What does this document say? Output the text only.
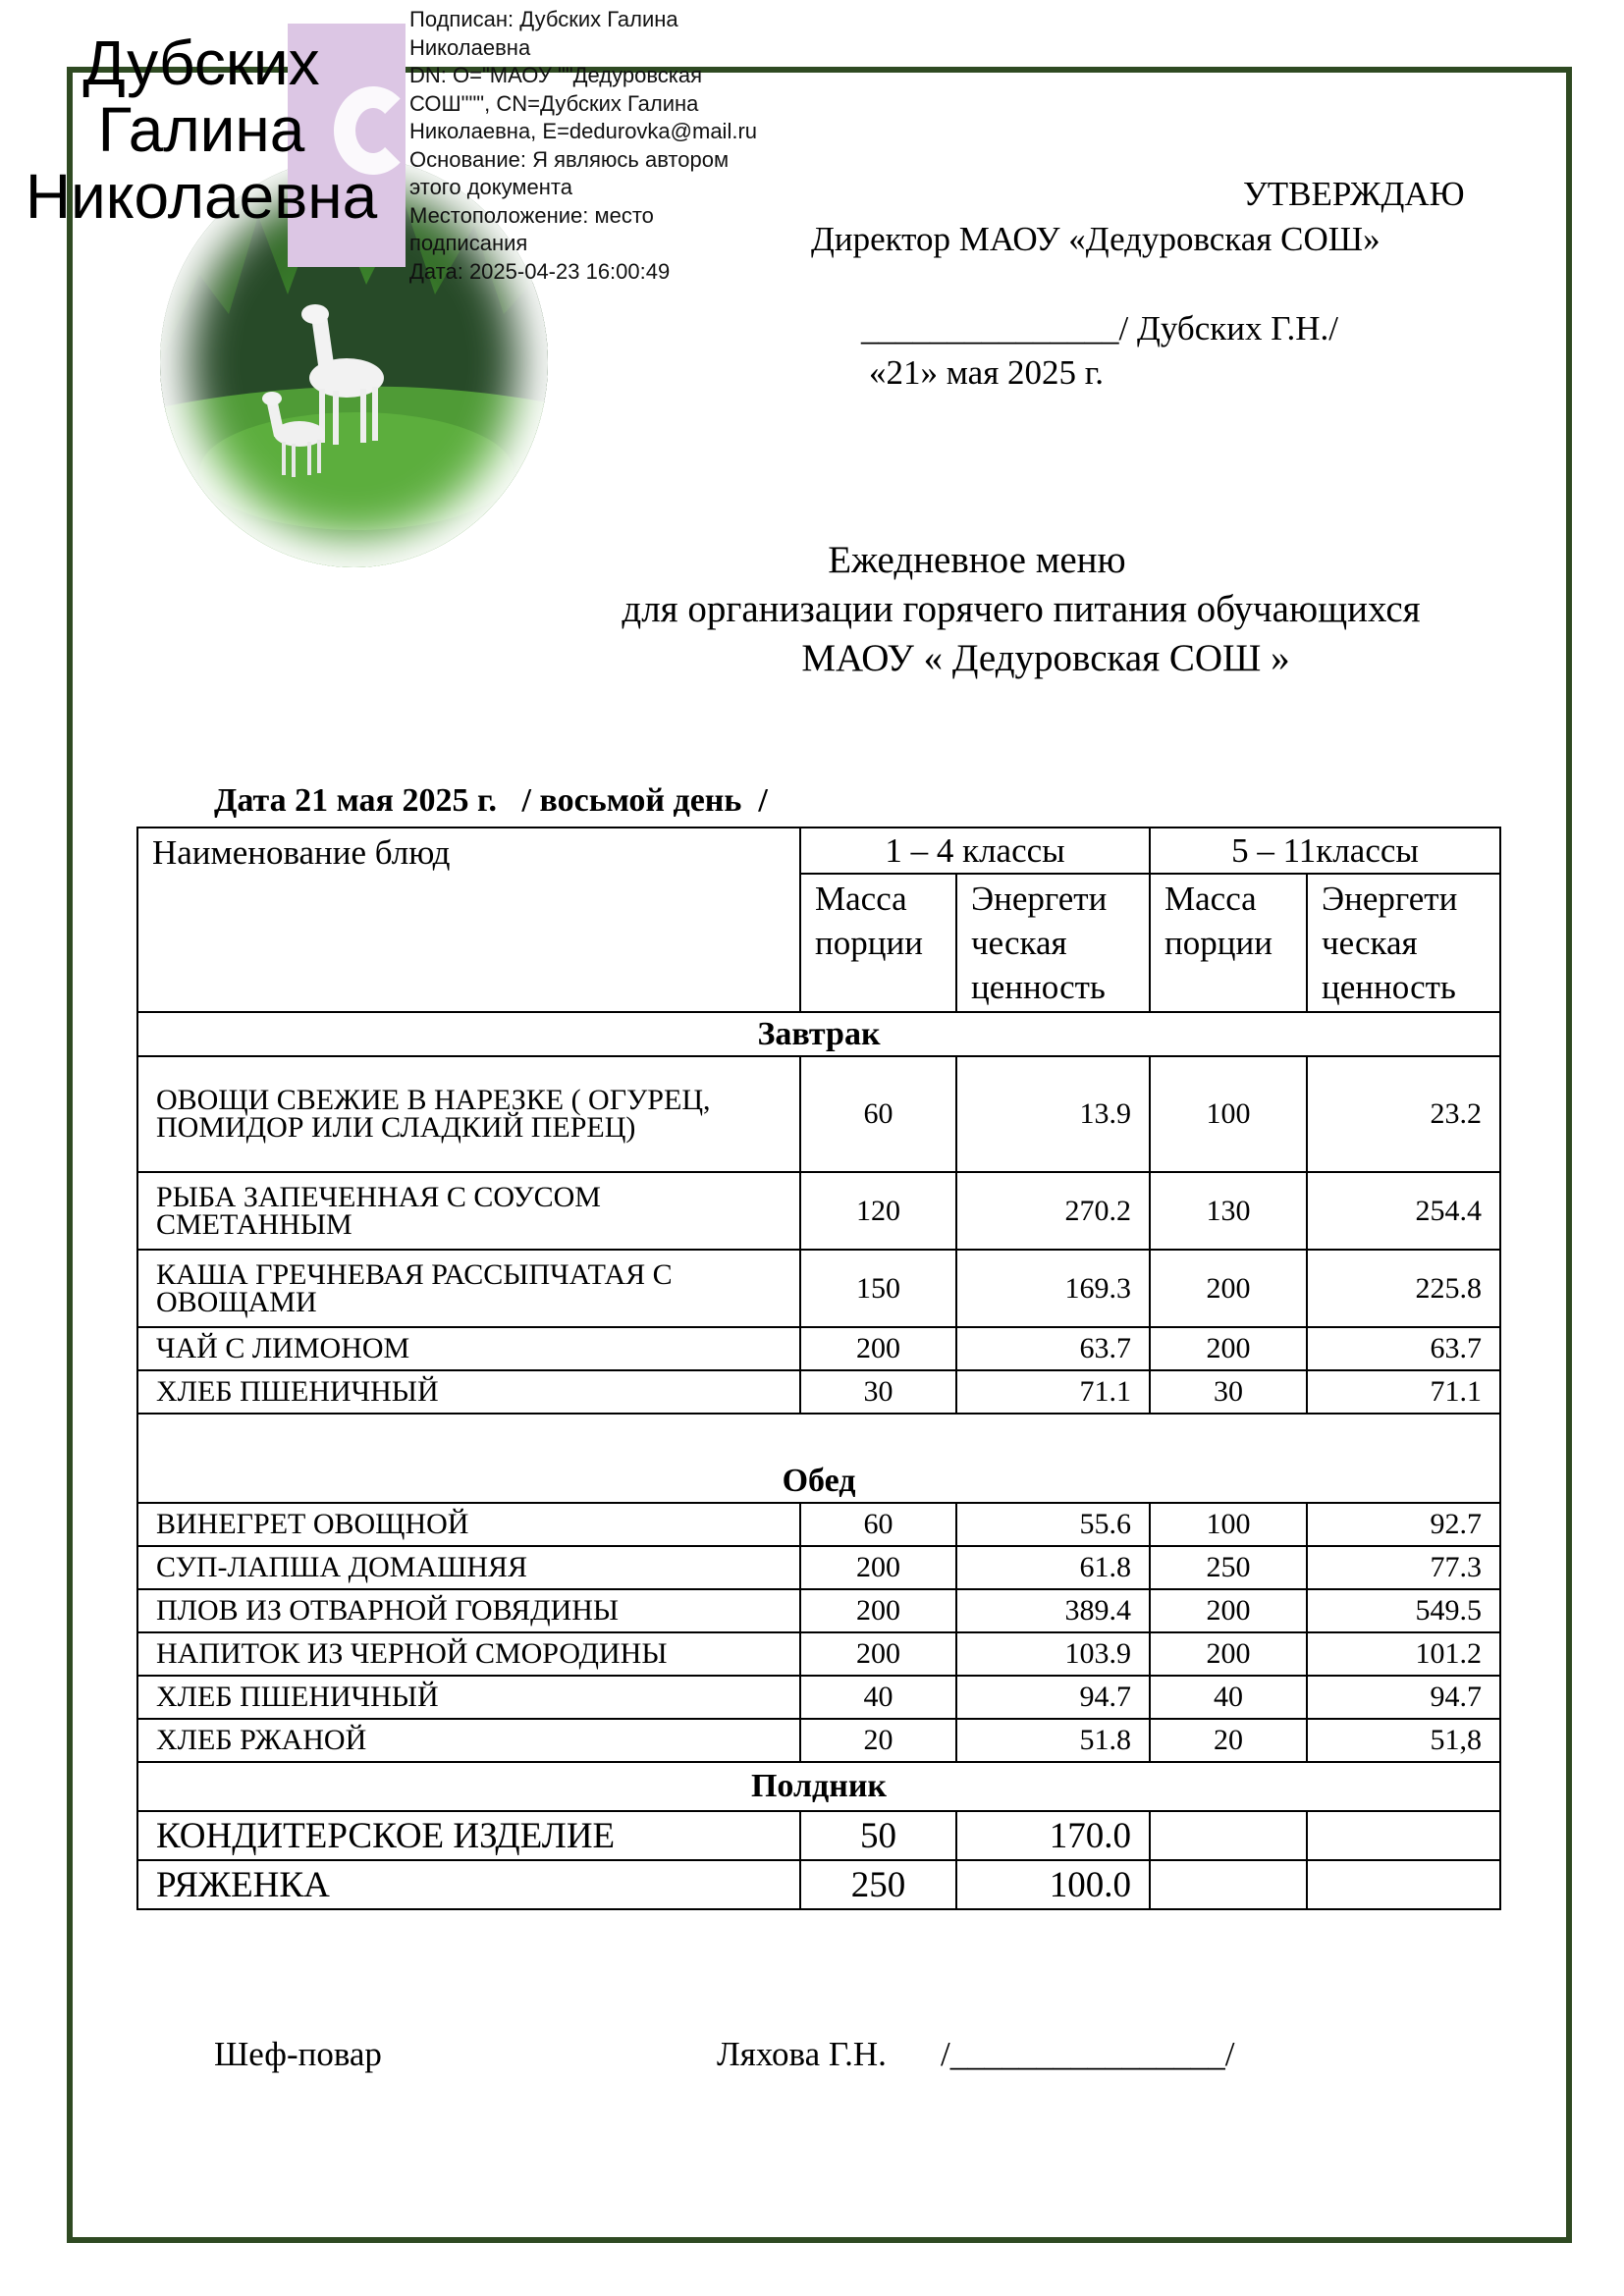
Дубских
Галина
Николаевна
Подписан: Дубских Галина
Николаевна
DN: O="МАОУ ""Дедуровская
СОШ""", CN=Дубских Галина
Николаевна, E=dedurovka@mail.ru
Основание: Я являюсь автором
этого документа
Местоположение: место
подписания
Дата: 2025-04-23 16:00:49
УТВЕРЖДАЮ
Директор МАОУ «Дедуровская СОШ»
_______________/ Дубских Г.Н./
«21» мая 2025 г.
Ежедневное меню
для организации горячего питания обучающихся
МАОУ « Дедуровская СОШ »
Дата 21 мая 2025 г.   / восьмой день  /
Наименование блюд	1 – 4 классы		5 – 11классы	
	Масса порции	Энергети ческая ценность	Масса порции	Энергети ческая ценность
Завтрак				
ОВОЩИ СВЕЖИЕ В НАРЕЗКЕ ( ОГУРЕЦ, ПОМИДОР ИЛИ СЛАДКИЙ ПЕРЕЦ)	60	13.9	100	23.2
РЫБА ЗАПЕЧЕННАЯ С СОУСОМ СМЕТАННЫМ	120	270.2	130	254.4
КАША ГРЕЧНЕВАЯ РАССЫПЧАТАЯ С ОВОЩАМИ	150	169.3	200	225.8
ЧАЙ С ЛИМОНОМ	200	63.7	200	63.7
ХЛЕБ ПШЕНИЧНЫЙ	30	71.1	30	71.1
Обед				
ВИНЕГРЕТ ОВОЩНОЙ	60	55.6	100	92.7
СУП-ЛАПША ДОМАШНЯЯ	200	61.8	250	77.3
ПЛОВ ИЗ ОТВАРНОЙ ГОВЯДИНЫ	200	389.4	200	549.5
НАПИТОК ИЗ ЧЕРНОЙ СМОРОДИНЫ	200	103.9	200	101.2
ХЛЕБ ПШЕНИЧНЫЙ	40	94.7	40	94.7
ХЛЕБ РЖАНОЙ	20	51.8	20	51,8
Полдник				
КОНДИТЕРСКОЕ ИЗДЕЛИЕ	50	170.0		
РЯЖЕНКА	250	100.0		
Шеф-повар	Ляхова Г.Н. /________________/
